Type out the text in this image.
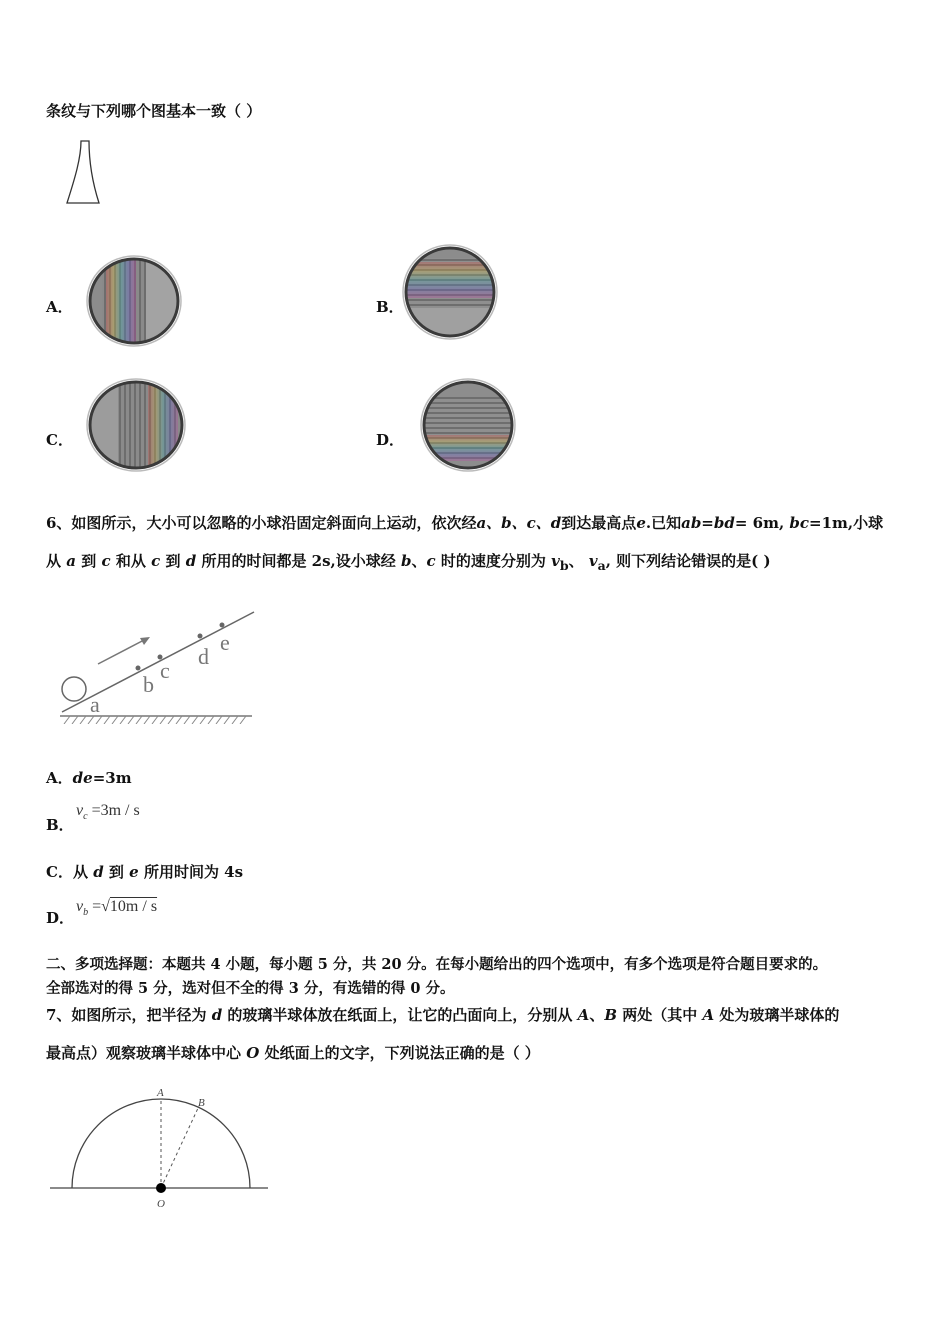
条纹与下列哪个图基本一致（ ）
A．	B．
C．	D．
6、如图所示，大小可以忽略的小球沿固定斜面向上运动，依次经a、b、c、d到达最高点e.已知ab=bd= 6m, bc=1m,小球
从 a 到 c 和从 c 到 d 所用的时间都是 2s,设小球经 b、c 时的速度分别为 $v_b$、 $v_a$, 则下列结论错误的是( )
a
b
c
d
e
A．de=3m
B．
$v_c =3m / s$
C．从 d 到 e 所用时间为 4s
D．
$v_b =√10m / s$
二、多项选择题：本题共 4 小题，每小题 5 分，共 20 分。在每小题给出的四个选项中，有多个选项是符合题目要求的。
全部选对的得 5 分，选对但不全的得 3 分，有选错的得 0 分。
7、如图所示，把半径为 d 的玻璃半球体放在纸面上，让它的凸面向上，分别从 A、B 两处（其中 A 处为玻璃半球体的
最高点）观察玻璃半球体中心 O 处纸面上的文字，下列说法正确的是（ ）
A
B
O
